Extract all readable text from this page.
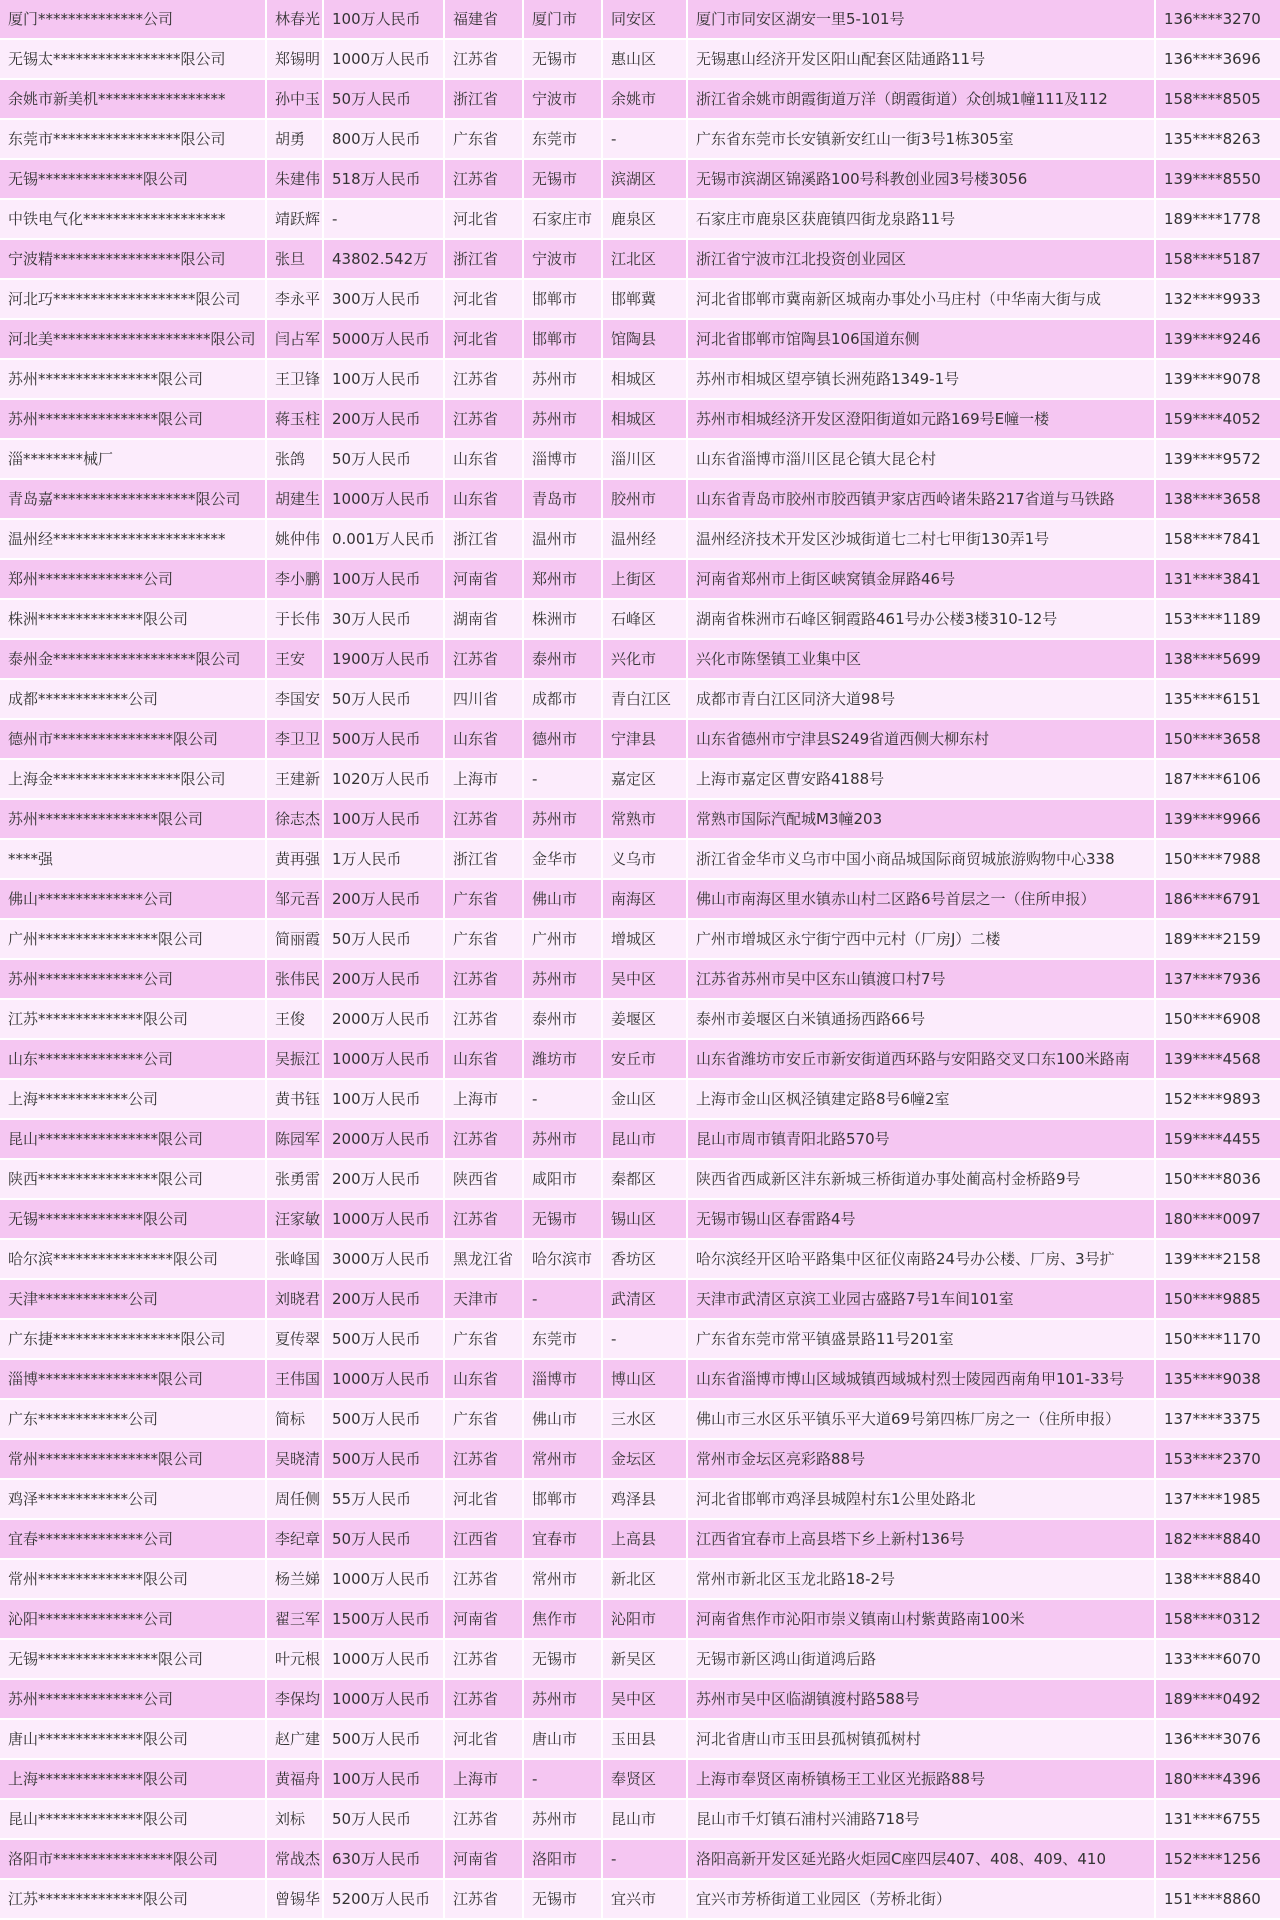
厦门**************公司	林春光	100万人民币	福建省	厦门市	同安区	厦门市同安区湖安一里5-101号	136****3270
无锡太*****************限公司	郑锡明	1000万人民币	江苏省	无锡市	惠山区	无锡惠山经济开发区阳山配套区陆通路11号	136****3696
余姚市新美机*****************	孙中玉	50万人民币	浙江省	宁波市	余姚市	浙江省余姚市朗霞街道万洋（朗霞街道）众创城1幢111及112	158****8505
东莞市*****************限公司	胡勇	800万人民币	广东省	东莞市	-	广东省东莞市长安镇新安红山一街3号1栋305室	135****8263
无锡**************限公司	朱建伟	518万人民币	江苏省	无锡市	滨湖区	无锡市滨湖区锦溪路100号科教创业园3号楼3056	139****8550
中铁电气化*******************	靖跃辉	-	河北省	石家庄市	鹿泉区	石家庄市鹿泉区获鹿镇四街龙泉路11号	189****1778
宁波精*****************限公司	张旦	43802.542万	浙江省	宁波市	江北区	浙江省宁波市江北投资创业园区	158****5187
河北巧*******************限公司	李永平	300万人民币	河北省	邯郸市	邯郸冀	河北省邯郸市冀南新区城南办事处小马庄村（中华南大街与成	132****9933
河北美*********************限公司	闫占军	5000万人民币	河北省	邯郸市	馆陶县	河北省邯郸市馆陶县106国道东侧	139****9246
苏州****************限公司	王卫锋	100万人民币	江苏省	苏州市	相城区	苏州市相城区望亭镇长洲苑路1349-1号	139****9078
苏州****************限公司	蒋玉柱	200万人民币	江苏省	苏州市	相城区	苏州市相城经济开发区澄阳街道如元路169号E幢一楼	159****4052
淄********械厂	张鸽	50万人民币	山东省	淄博市	淄川区	山东省淄博市淄川区昆仑镇大昆仑村	139****9572
青岛嘉*******************限公司	胡建生	1000万人民币	山东省	青岛市	胶州市	山东省青岛市胶州市胶西镇尹家店西岭诸朱路217省道与马铁路	138****3658
温州经***********************	姚仲伟	0.001万人民币	浙江省	温州市	温州经	温州经济技术开发区沙城街道七二村七甲街130弄1号	158****7841
郑州**************公司	李小鹏	100万人民币	河南省	郑州市	上街区	河南省郑州市上街区峡窝镇金屏路46号	131****3841
株洲**************限公司	于长伟	30万人民币	湖南省	株洲市	石峰区	湖南省株洲市石峰区铜霞路461号办公楼3楼310-12号	153****1189
泰州金*******************限公司	王安	1900万人民币	江苏省	泰州市	兴化市	兴化市陈堡镇工业集中区	138****5699
成都************公司	李国安	50万人民币	四川省	成都市	青白江区	成都市青白江区同济大道98号	135****6151
德州市****************限公司	李卫卫	500万人民币	山东省	德州市	宁津县	山东省德州市宁津县S249省道西侧大柳东村	150****3658
上海金*****************限公司	王建新	1020万人民币	上海市	-	嘉定区	上海市嘉定区曹安路4188号	187****6106
苏州****************限公司	徐志杰	100万人民币	江苏省	苏州市	常熟市	常熟市国际汽配城M3幢203	139****9966
****强	黄再强	1万人民币	浙江省	金华市	义乌市	浙江省金华市义乌市中国小商品城国际商贸城旅游购物中心338	150****7988
佛山**************公司	邹元吾	200万人民币	广东省	佛山市	南海区	佛山市南海区里水镇赤山村二区路6号首层之一（住所申报）	186****6791
广州****************限公司	简丽霞	50万人民币	广东省	广州市	增城区	广州市增城区永宁街宁西中元村（厂房J）二楼	189****2159
苏州**************公司	张伟民	200万人民币	江苏省	苏州市	吴中区	江苏省苏州市吴中区东山镇渡口村7号	137****7936
江苏**************限公司	王俊	2000万人民币	江苏省	泰州市	姜堰区	泰州市姜堰区白米镇通扬西路66号	150****6908
山东**************公司	吴振江	1000万人民币	山东省	潍坊市	安丘市	山东省潍坊市安丘市新安街道西环路与安阳路交叉口东100米路南	139****4568
上海************公司	黄书钰	100万人民币	上海市	-	金山区	上海市金山区枫泾镇建定路8号6幢2室	152****9893
昆山****************限公司	陈园军	2000万人民币	江苏省	苏州市	昆山市	昆山市周市镇青阳北路570号	159****4455
陕西****************限公司	张勇雷	200万人民币	陕西省	咸阳市	秦都区	陕西省西咸新区沣东新城三桥街道办事处蔺高村金桥路9号	150****8036
无锡**************限公司	汪家敏	1000万人民币	江苏省	无锡市	锡山区	无锡市锡山区春雷路4号	180****0097
哈尔滨****************限公司	张峰国	3000万人民币	黑龙江省	哈尔滨市	香坊区	哈尔滨经开区哈平路集中区征仪南路24号办公楼、厂房、3号扩	139****2158
天津************公司	刘晓君	200万人民币	天津市	-	武清区	天津市武清区京滨工业园古盛路7号1车间101室	150****9885
广东捷*****************限公司	夏传翠	500万人民币	广东省	东莞市	-	广东省东莞市常平镇盛景路11号201室	150****1170
淄博****************限公司	王伟国	1000万人民币	山东省	淄博市	博山区	山东省淄博市博山区域城镇西域城村烈士陵园西南角甲101-33号	135****9038
广东************公司	简标	500万人民币	广东省	佛山市	三水区	佛山市三水区乐平镇乐平大道69号第四栋厂房之一（住所申报）	137****3375
常州****************限公司	吴晓清	500万人民币	江苏省	常州市	金坛区	常州市金坛区亮彩路88号	153****2370
鸡泽************公司	周任侧	55万人民币	河北省	邯郸市	鸡泽县	河北省邯郸市鸡泽县城隍村东1公里处路北	137****1985
宜春**************公司	李纪章	50万人民币	江西省	宜春市	上高县	江西省宜春市上高县塔下乡上新村136号	182****8840
常州**************限公司	杨兰娣	1000万人民币	江苏省	常州市	新北区	常州市新北区玉龙北路18-2号	138****8840
沁阳**************公司	翟三军	1500万人民币	河南省	焦作市	沁阳市	河南省焦作市沁阳市崇义镇南山村紫黄路南100米	158****0312
无锡****************限公司	叶元根	1000万人民币	江苏省	无锡市	新吴区	无锡市新区鸿山街道鸿后路	133****6070
苏州**************公司	李保均	1000万人民币	江苏省	苏州市	吴中区	苏州市吴中区临湖镇渡村路588号	189****0492
唐山**************限公司	赵广建	500万人民币	河北省	唐山市	玉田县	河北省唐山市玉田县孤树镇孤树村	136****3076
上海**************限公司	黄福舟	100万人民币	上海市	-	奉贤区	上海市奉贤区南桥镇杨王工业区光振路88号	180****4396
昆山**************限公司	刘标	50万人民币	江苏省	苏州市	昆山市	昆山市千灯镇石浦村兴浦路718号	131****6755
洛阳市****************限公司	常战杰	630万人民币	河南省	洛阳市	-	洛阳高新开发区延光路火炬园C座四层407、408、409、410	152****1256
江苏**************限公司	曾锡华	5200万人民币	江苏省	无锡市	宜兴市	宜兴市芳桥街道工业园区（芳桥北街）	151****8860
